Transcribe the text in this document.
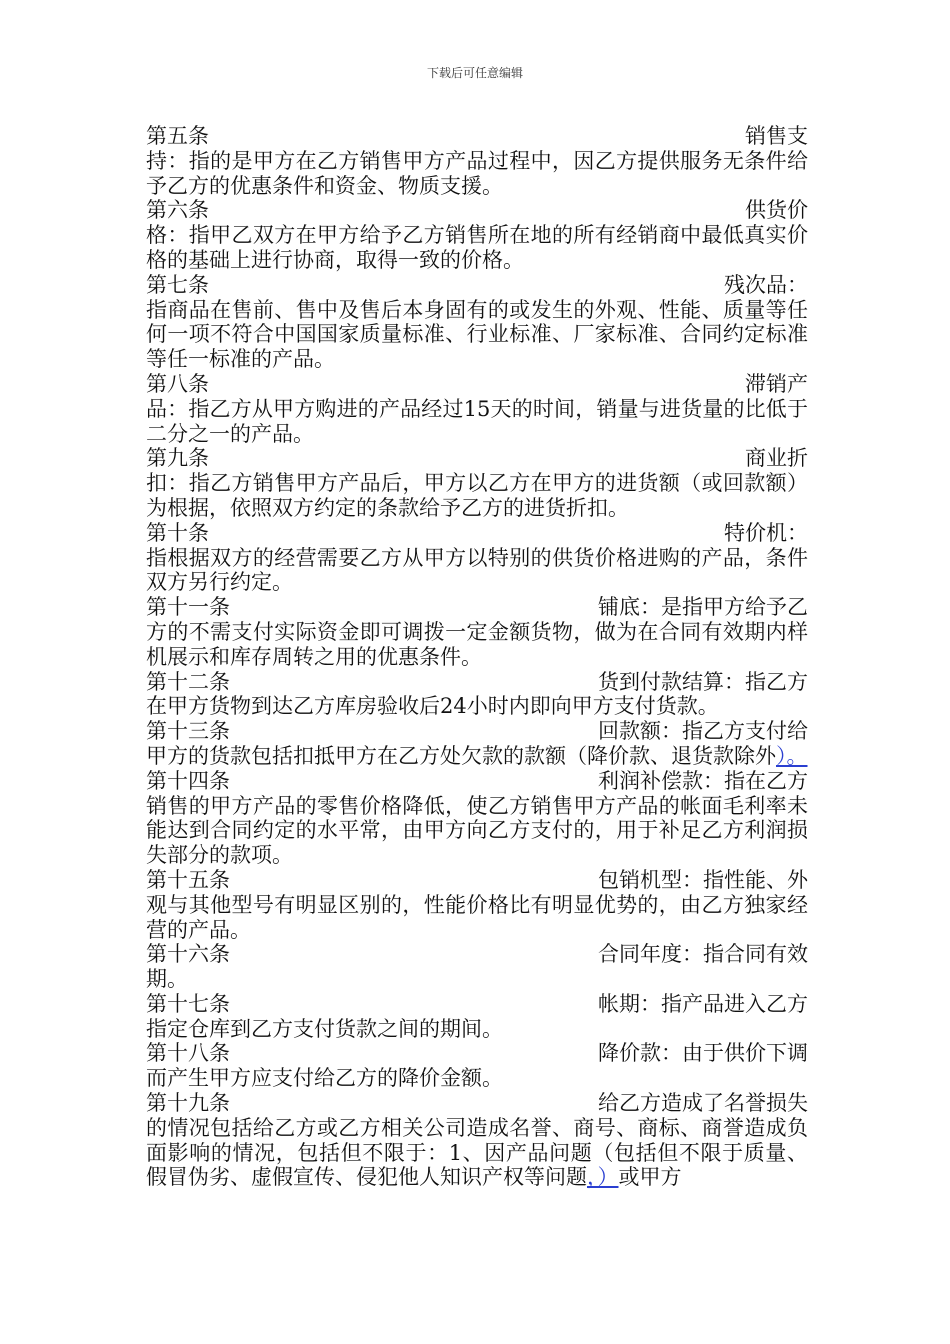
下载后可任意编辑
第五条	销售支
持：指的是甲方在乙方销售甲方产品过程中，因乙方提供服务无条件给予乙方的优惠条件和资金、物质支援。
第六条	供货价
格：指甲乙双方在甲方给予乙方销售所在地的所有经销商中最低真实价格的基础上进行协商，取得一致的价格。
第七条	残次品：
指商品在售前、售中及售后本身固有的或发生的外观、性能、质量等任何一项不符合中国国家质量标准、行业标准、厂家标准、合同约定标准等任一标准的产品。
第八条	滞销产
品：指乙方从甲方购进的产品经过15天的时间，销量与进货量的比低于二分之一的产品。
第九条	商业折
扣：指乙方销售甲方产品后，甲方以乙方在甲方的进货额（或回款额）为根据，依照双方约定的条款给予乙方的进货折扣。
第十条	特价机：
指根据双方的经营需要乙方从甲方以特别的供货价格进购的产品，条件双方另行约定。
第十一条	铺底：是指甲方给予乙
方的不需支付实际资金即可调拨一定金额货物，做为在合同有效期内样机展示和库存周转之用的优惠条件。
第十二条	货到付款结算：指乙方
在甲方货物到达乙方库房验收后24小时内即向甲方支付货款。
第十三条	回款额：指乙方支付给
甲方的货款包括扣抵甲方在乙方处欠款的款额（降价款、退货款除外）。
第十四条	利润补偿款：指在乙方
销售的甲方产品的零售价格降低，使乙方销售甲方产品的帐面毛利率未能达到合同约定的水平常，由甲方向乙方支付的，用于补足乙方利润损失部分的款项。
第十五条	包销机型：指性能、外
观与其他型号有明显区别的，性能价格比有明显优势的，由乙方独家经营的产品。
第十六条	合同年度：指合同有效
期。
第十七条	帐期：指产品进入乙方
指定仓库到乙方支付货款之间的期间。
第十八条	降价款：由于供价下调
而产生甲方应支付给乙方的降价金额。
第十九条	给乙方造成了名誉损失
的情况包括给乙方或乙方相关公司造成名誉、商号、商标、商誉造成负面影响的情况，包括但不限于：1、因产品问题（包括但不限于质量、假冒伪劣、虚假宣传、侵犯他人知识产权等问题，）或甲方
